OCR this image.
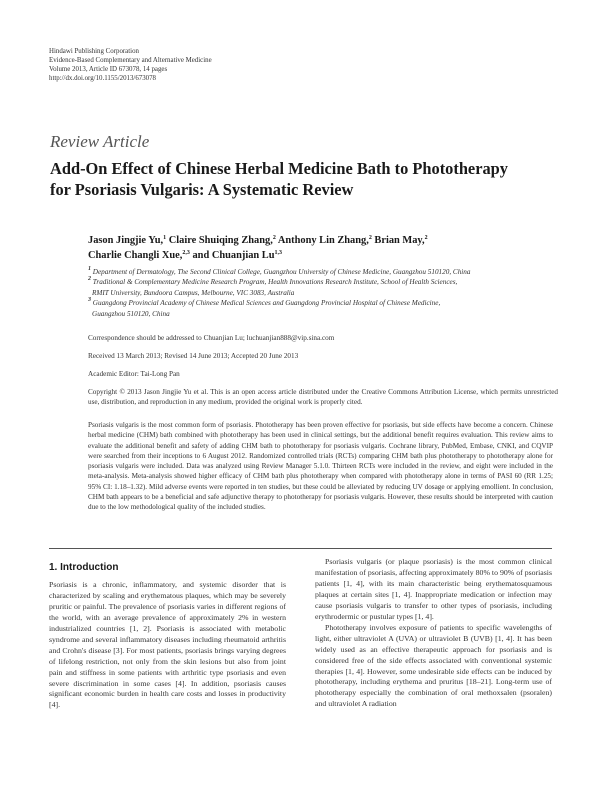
Hindawi Publishing Corporation
Evidence-Based Complementary and Alternative Medicine
Volume 2013, Article ID 673078, 14 pages
http://dx.doi.org/10.1155/2013/673078
Review Article
Add-On Effect of Chinese Herbal Medicine Bath to Phototherapy
for Psoriasis Vulgaris: A Systematic Review
Jason Jingjie Yu,$^1$ Claire Shuiqing Zhang,$^2$ Anthony Lin Zhang,$^2$ Brian May,$^2$
Charlie Changli Xue,$^{2,3}$ and Chuanjian Lu$^{1,3}$
$^1$ Department of Dermatology, The Second Clinical College, Guangzhou University of Chinese Medicine, Guangzhou 510120, China
$^2$ Traditional & Complementary Medicine Research Program, Health Innovations Research Institute, School of Health Sciences,
RMIT University, Bundoora Campus, Melbourne, VIC 3083, Australia
$^3$ Guangdong Provincial Academy of Chinese Medical Sciences and Guangdong Provincial Hospital of Chinese Medicine,
Guangzhou 510120, China
Correspondence should be addressed to Chuanjian Lu; luchuanjian888@vip.sina.com
Received 13 March 2013; Revised 14 June 2013; Accepted 20 June 2013
Academic Editor: Tai-Long Pan
Copyright © 2013 Jason Jingjie Yu et al. This is an open access article distributed under the Creative Commons Attribution License, which permits unrestricted use, distribution, and reproduction in any medium, provided the original work is properly cited.
Psoriasis vulgaris is the most common form of psoriasis. Phototherapy has been proven effective for psoriasis, but side effects have become a concern. Chinese herbal medicine (CHM) bath combined with phototherapy has been used in clinical settings, but the additional benefit requires evaluation. This review aims to evaluate the additional benefit and safety of adding CHM bath to phototherapy for psoriasis vulgaris. Cochrane library, PubMed, Embase, CNKI, and CQVIP were searched from their inceptions to 6 August 2012. Randomized controlled trials (RCTs) comparing CHM bath plus phototherapy to phototherapy alone for psoriasis vulgaris were included. Data was analyzed using Review Manager 5.1.0. Thirteen RCTs were included in the review, and eight were included in the meta-analysis. Meta-analysis showed higher efficacy of CHM bath plus phototherapy when compared with phototherapy alone in terms of PASI 60 (RR 1.25; 95% CI: 1.18–1.32). Mild adverse events were reported in ten studies, but these could be alleviated by reducing UV dosage or applying emollient. In conclusion, CHM bath appears to be a beneficial and safe adjunctive therapy to phototherapy for psoriasis vulgaris. However, these results should be interpreted with caution due to the low methodological quality of the included studies.
1. Introduction

Psoriasis is a chronic, inflammatory, and systemic disorder that is characterized by scaling and erythematous plaques, which may be severely pruritic or painful. The prevalence of psoriasis varies in different regions of the world, with an average prevalence of approximately 2% in western industrialized countries [1, 2]. Psoriasis is associated with metabolic syndrome and several inflammatory diseases including rheumatoid arthritis and Crohn's disease [3]. For most patients, psoriasis brings varying degrees of lifelong restriction, not only from the skin lesions but also from joint pain and stiffness in some patients with arthritic type psoriasis and even severe discrimination in some cases [4]. In addition, psoriasis causes significant economic burden in health care costs and losses in productivity [4].

Psoriasis vulgaris (or plaque psoriasis) is the most common clinical manifestation of psoriasis, affecting approximately 80% to 90% of psoriasis patients [1, 4], with its main characteristic being erythematosquamous plaques at certain sites [1, 4]. Inappropriate medication or infection may cause psoriasis vulgaris to transfer to other types of psoriasis, including erythrodermic or pustular types [1, 4].

Phototherapy involves exposure of patients to specific wavelengths of light, either ultraviolet A (UVA) or ultraviolet B (UVB) [1, 4]. It has been widely used as an effective therapeutic approach for psoriasis and is considered free of the side effects associated with conventional systemic therapies [1, 4]. However, some undesirable side effects can be induced by phototherapy, including erythema and pruritus [18–21]. Long-term use of phototherapy especially the combination of oral methoxsalen (psoralen) and ultraviolet A radiation
